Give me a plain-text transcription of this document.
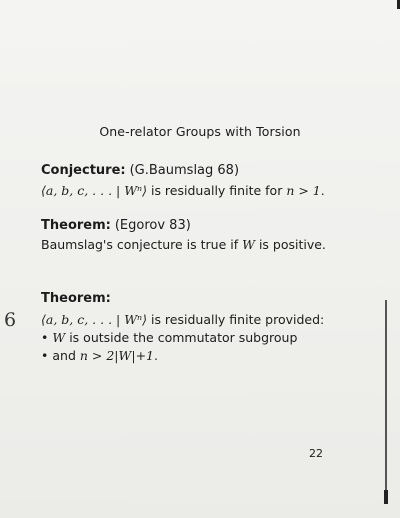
One-relator Groups with Torsion
Conjecture: (G.Baumslag 68)
⟨a, b, c, . . . | Wⁿ⟩ is residually finite for n > 1.
Theorem: (Egorov 83)
Baumslag's conjecture is true if W is positive.
Theorem:
6 ⟨a, b, c, . . . | Wⁿ⟩ is residually finite provided:
• W is outside the commutator subgroup
• and n > 2|W|+1.
22
